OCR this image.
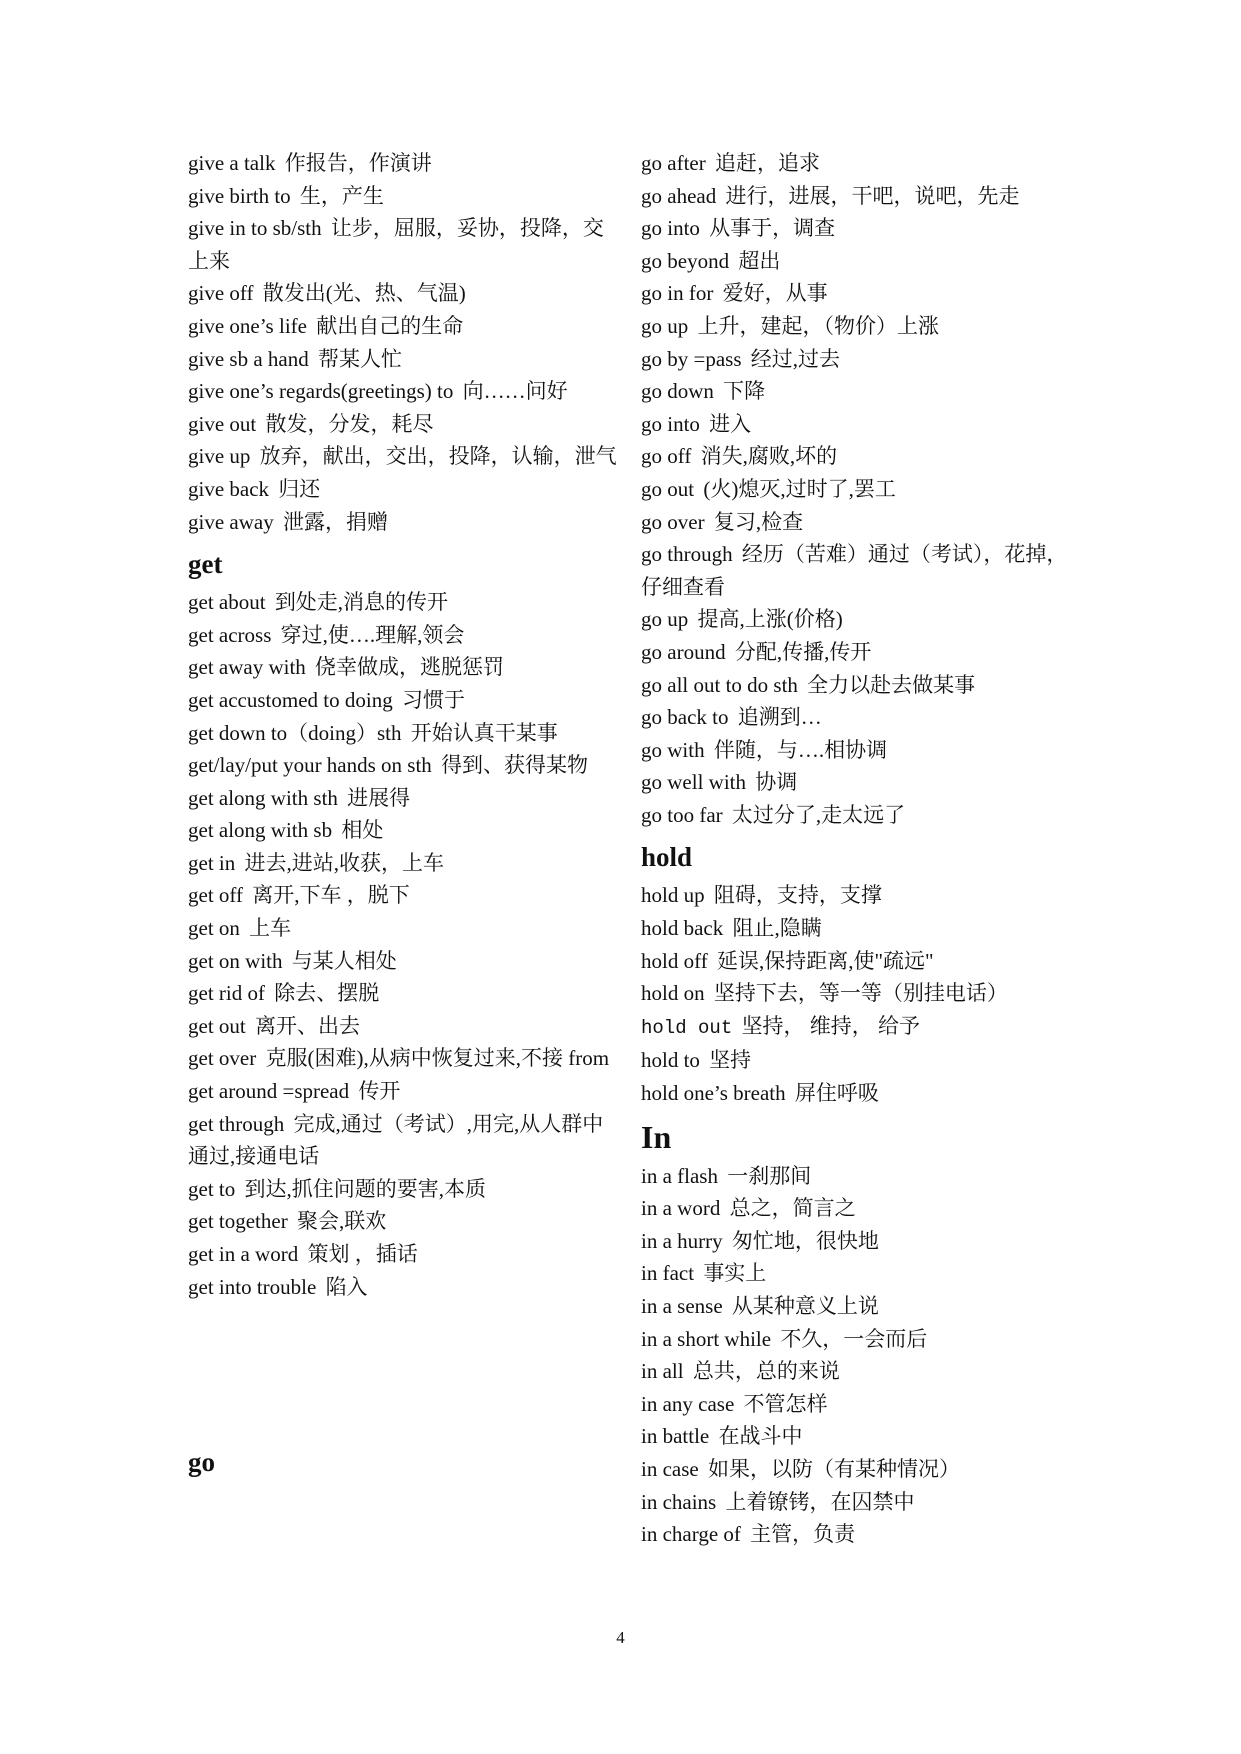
give a talk 作报告，作演讲

give birth to 生，产生

give in to sb/sth 让步，屈服，妥协，投降，交上来

give off 散发出(光、热、气温)

give one’s life 献出自己的生命

give sb a hand 帮某人忙

give one’s regards(greetings) to 向……问好

give out 散发，分发，耗尽

give up 放弃，献出，交出，投降，认输，泄气

give back 归还

give away 泄露，捐赠

get

get about 到处走,消息的传开

get across 穿过,使….理解,领会

get away with 侥幸做成，逃脱惩罚

get accustomed to doing 习惯于

get down to（doing）sth 开始认真干某事

get/lay/put your hands on sth 得到、获得某物

get along with sth 进展得

get along with sb 相处

get in 进去,进站,收获，上车

get off 离开,下车 ，脱下

get on 上车

get on with 与某人相处

get rid of 除去、摆脱

get out 离开、出去

get over 克服(困难),从病中恢复过来,不接 from

get around =spread 传开

get through 完成,通过（考试）,用完,从人群中通过,接通电话

get to 到达,抓住问题的要害,本质

get together 聚会,联欢

get in a word 策划 ，插话

get into trouble 陷入

go

go after 追赶，追求

go ahead 进行，进展，干吧，说吧，先走

go into 从事于，调查

go beyond 超出

go in for 爱好，从事

go up 上升，建起，（物价）上涨

go by =pass 经过,过去

go down 下降

go into 进入

go off 消失,腐败,坏的

go out (火)熄灭,过时了,罢工

go over 复习,检查

go through 经历（苦难）通过（考试），花掉，仔细查看

go up 提高,上涨(价格)

go around 分配,传播,传开

go all out to do sth 全力以赴去做某事

go back to 追溯到…

go with 伴随，与….相协调

go well with 协调

go too far 太过分了,走太远了

hold

hold up 阻碍，支持，支撑

hold back 阻止,隐瞒

hold off 延误,保持距离,使"疏远"

hold on 坚持下去，等一等（别挂电话）

hold out 坚持， 维持， 给予

hold to 坚持

hold one’s breath 屏住呼吸

In

in a flash 一刹那间

in a word 总之，简言之

in a hurry 匆忙地，很快地

in fact 事实上

in a sense 从某种意义上说

in a short while 不久，一会而后

in all 总共，总的来说

in any case 不管怎样

in battle 在战斗中

in case 如果，以防（有某种情况）

in chains 上着镣铐，在囚禁中

in charge of 主管，负责

4
